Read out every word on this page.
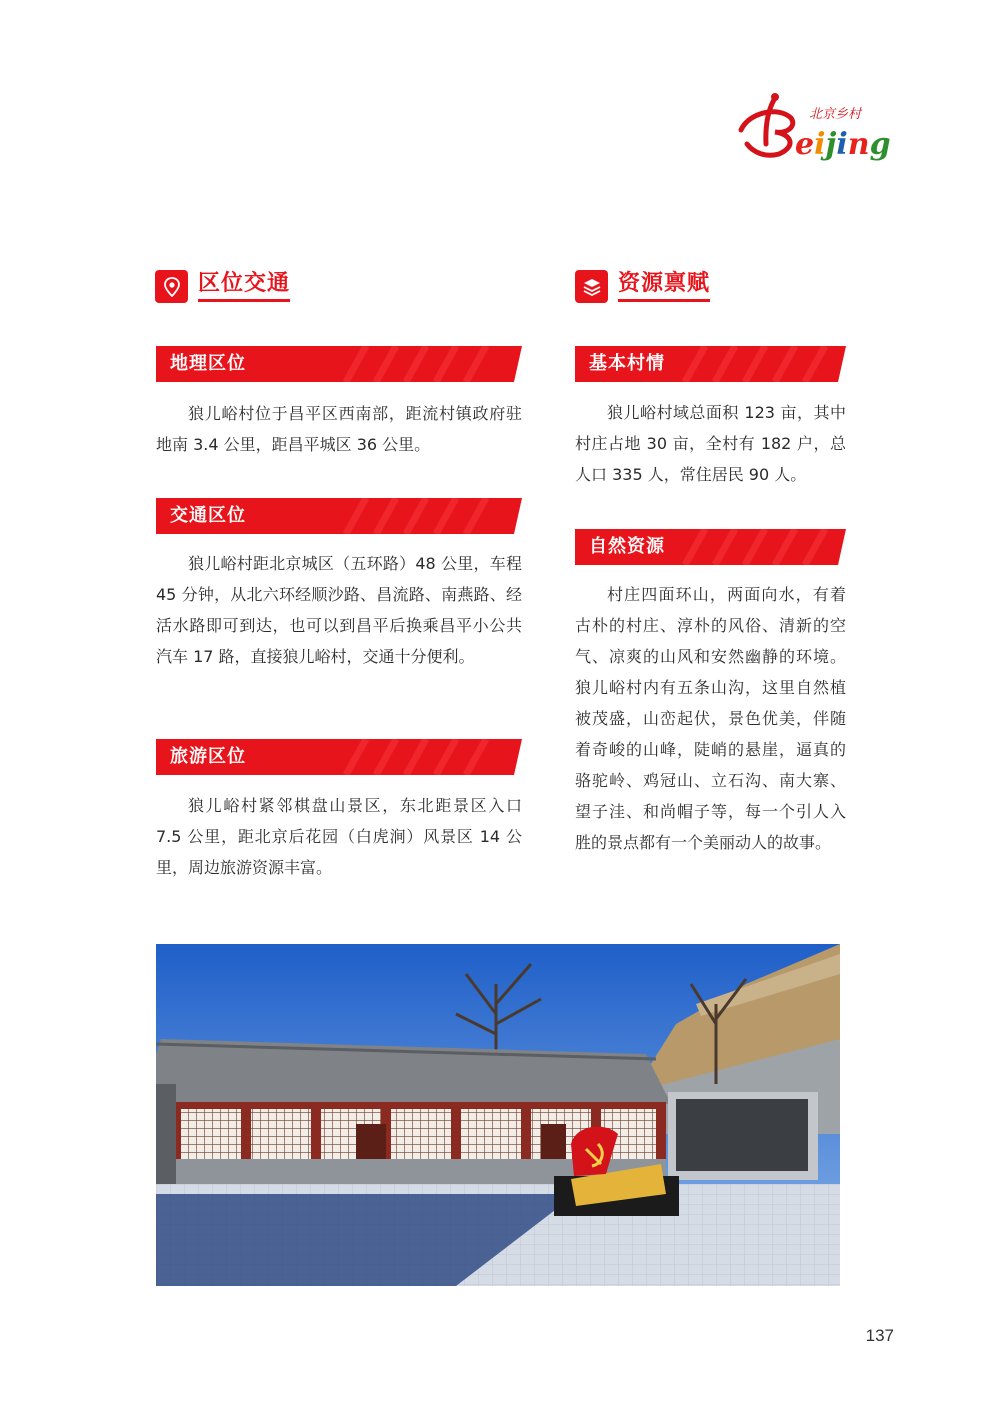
北京乡村
eijing
区位交通	资源禀赋
地理区位

狼儿峪村位于昌平区西南部，距流村镇政府驻地南 3.4 公里，距昌平城区 36 公里。

交通区位

狼儿峪村距北京城区（五环路）48 公里，车程 45 分钟，从北六环经顺沙路、昌流路、南燕路、经活水路即可到达，也可以到昌平后换乘昌平小公共汽车 17 路，直接狼儿峪村，交通十分便利。

旅游区位

狼儿峪村紧邻棋盘山景区，东北距景区入口 7.5 公里，距北京后花园（白虎涧）风景区 14 公里，周边旅游资源丰富。

基本村情

狼儿峪村域总面积 123 亩，其中村庄占地 30 亩，全村有 182 户，总人口 335 人，常住居民 90 人。

自然资源

村庄四面环山，两面向水，有着古朴的村庄、淳朴的风俗、清新的空气、凉爽的山风和安然幽静的环境。狼儿峪村内有五条山沟，这里自然植被茂盛，山峦起伏，景色优美，伴随着奇峻的山峰，陡峭的悬崖，逼真的骆驼岭、鸡冠山、立石沟、南大寨、望子洼、和尚帽子等，每一个引人入胜的景点都有一个美丽动人的故事。

137
